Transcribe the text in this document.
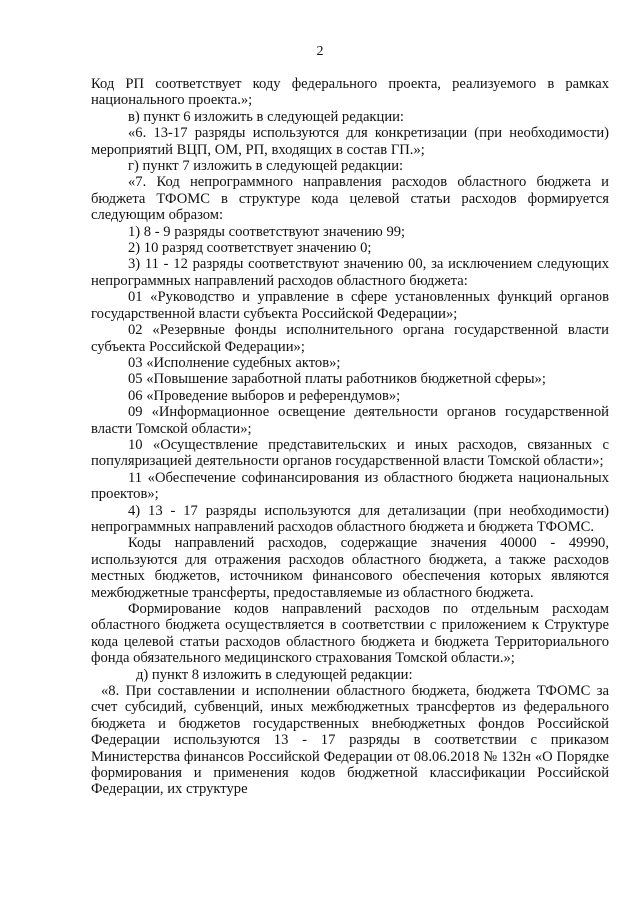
2

Код РП соответствует коду федерального проекта, реализуемого в рамках национального проекта.»;

в) пункт 6 изложить в следующей редакции:

«6. 13-17 разряды используются для конкретизации (при необходимости) мероприятий ВЦП, ОМ, РП, входящих в состав ГП.»;

г) пункт 7 изложить в следующей редакции:

«7. Код непрограммного направления расходов областного бюджета и бюджета ТФОМС в структуре кода целевой статьи расходов формируется следующим образом:

1) 8 - 9 разряды соответствуют значению 99;

2) 10 разряд соответствует значению 0;

3) 11 - 12 разряды соответствуют значению 00, за исключением следующих непрограммных направлений расходов областного бюджета:

01 «Руководство и управление в сфере установленных функций органов государственной власти субъекта Российской Федерации»;

02 «Резервные фонды исполнительного органа государственной власти субъекта Российской Федерации»;

03 «Исполнение судебных актов»;

05 «Повышение заработной платы работников бюджетной сферы»;

06 «Проведение выборов и референдумов»;

09 «Информационное освещение деятельности органов государственной власти Томской области»;

10 «Осуществление представительских и иных расходов, связанных с популяризацией деятельности органов государственной власти Томской области»;

11 «Обеспечение софинансирования из областного бюджета национальных проектов»;

4) 13 - 17 разряды используются для детализации (при необходимости) непрограммных направлений расходов областного бюджета и бюджета ТФОМС.

Коды направлений расходов, содержащие значения 40000 - 49990, используются для отражения расходов областного бюджета, а также расходов местных бюджетов, источником финансового обеспечения которых являются межбюджетные трансферты, предоставляемые из областного бюджета.

Формирование кодов направлений расходов по отдельным расходам областного бюджета осуществляется в соответствии с приложением к Структуре кода целевой статьи расходов областного бюджета и бюджета Территориального фонда обязательного медицинского страхования Томской области.»;

д) пункт 8 изложить в следующей редакции:

«8. При составлении и исполнении областного бюджета, бюджета ТФОМС за счет субсидий, субвенций, иных межбюджетных трансфертов из федерального бюджета и бюджетов государственных внебюджетных фондов Российской Федерации используются 13 - 17 разряды в соответствии с приказом Министерства финансов Российской Федерации от 08.06.2018 № 132н «О Порядке формирования и применения кодов бюджетной классификации Российской Федерации, их структуре
